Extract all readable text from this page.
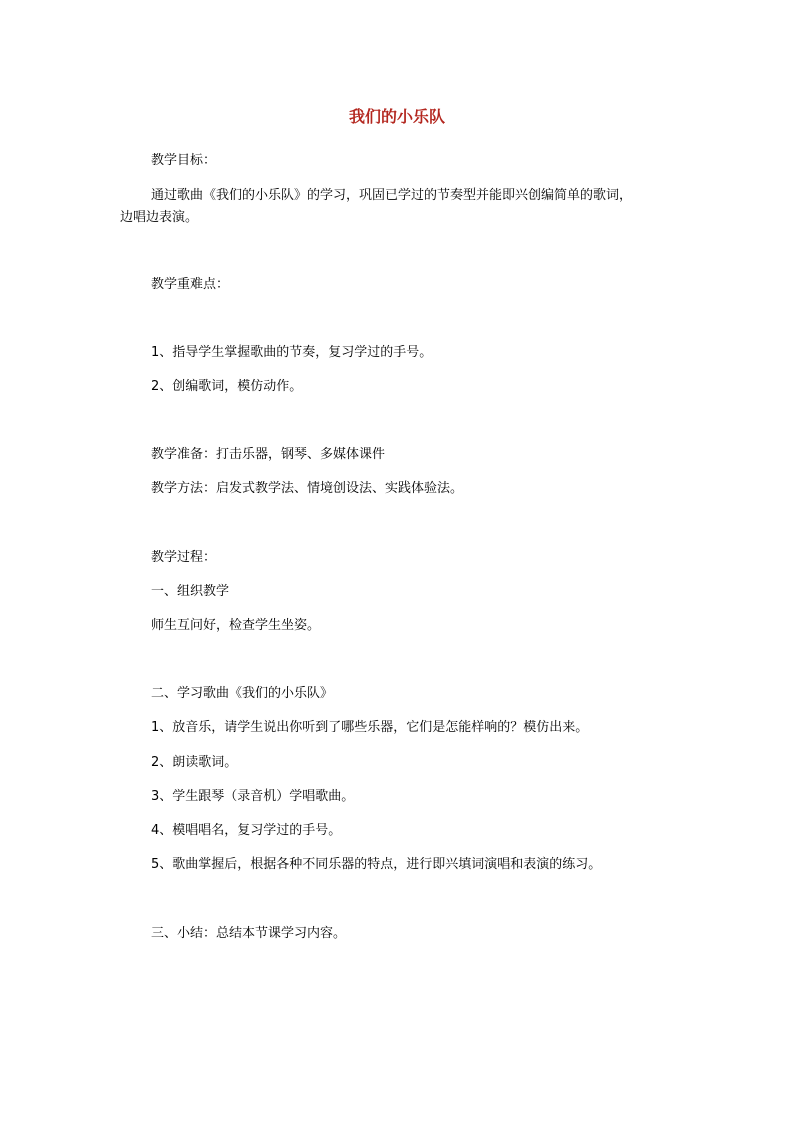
我们的小乐队
教学目标：
通过歌曲《我们的小乐队》的学习，巩固已学过的节奏型并能即兴创编简单的歌词，
边唱边表演。
教学重难点：
1、指导学生掌握歌曲的节奏，复习学过的手号。
2、创编歌词，模仿动作。
教学准备：打击乐器，钢琴、多媒体课件
教学方法：启发式教学法、情境创设法、实践体验法。
教学过程：
一、组织教学
师生互问好，检查学生坐姿。
二、学习歌曲《我们的小乐队》
1、放音乐，请学生说出你听到了哪些乐器，它们是怎能样响的？模仿出来。
2、朗读歌词。
3、学生跟琴（录音机）学唱歌曲。
4、模唱唱名，复习学过的手号。
5、歌曲掌握后，根据各种不同乐器的特点，进行即兴填词演唱和表演的练习。
三、小结：总结本节课学习内容。
